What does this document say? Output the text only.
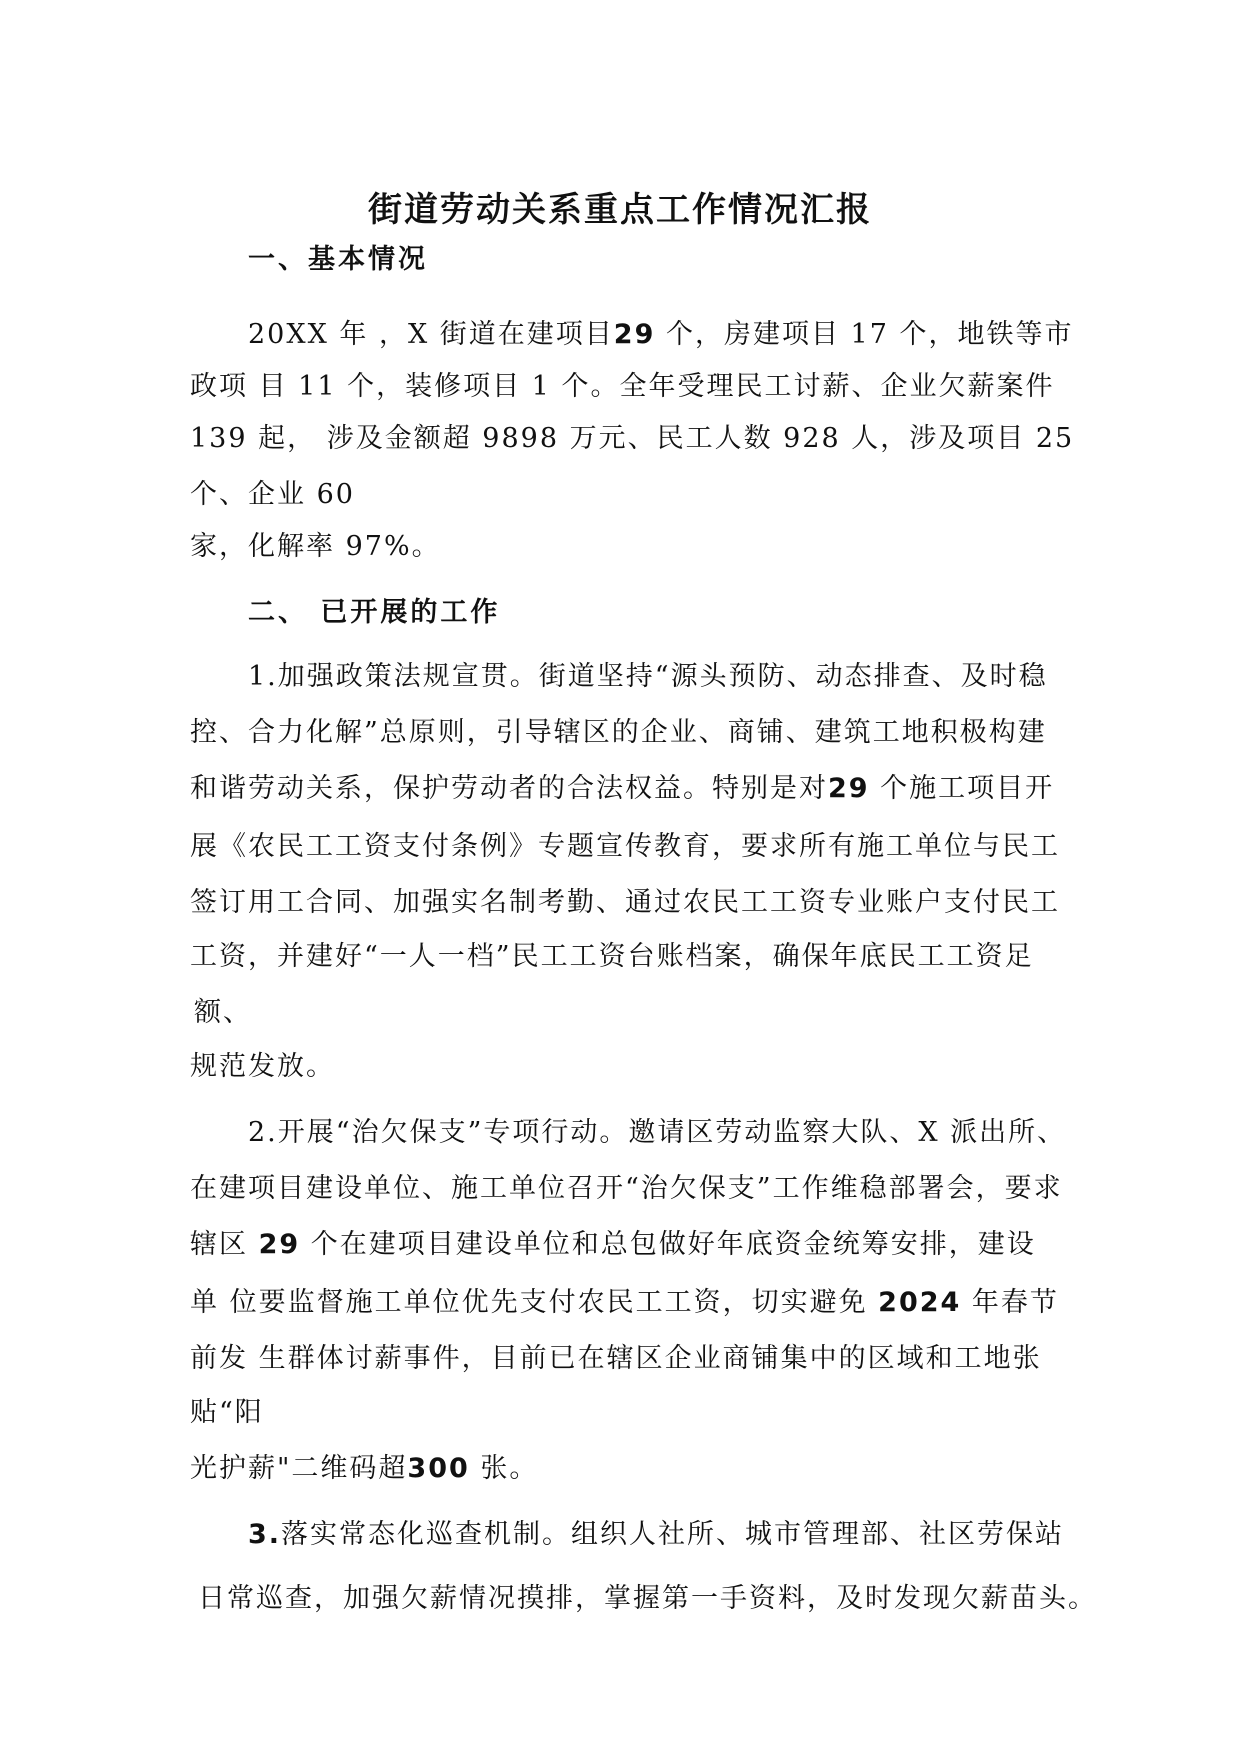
街道劳动关系重点工作情况汇报
一、基本情况
20XX 年 ，X 街道在建项目29 个，房建项目 17 个，地铁等市
政项 目 11 个，装修项目 1 个。全年受理民工讨薪、企业欠薪案件
139 起， 涉及金额超 9898 万元、民工人数 928 人，涉及项目 25
个、企业 60
家，化解率 97%。
二、 已开展的工作
1.加强政策法规宣贯。街道坚持“源头预防、动态排查、及时稳
控、合力化解”总原则，引导辖区的企业、商铺、建筑工地积极构建
和谐劳动关系，保护劳动者的合法权益。特别是对29 个施工项目开
展《农民工工资支付条例》专题宣传教育，要求所有施工单位与民工
签订用工合同、加强实名制考勤、通过农民工工资专业账户支付民工
工资，并建好“一人一档”民工工资台账档案，确保年底民工工资足
额、
规范发放。
2.开展“治欠保支”专项行动。邀请区劳动监察大队、X 派出所、
在建项目建设单位、施工单位召开“治欠保支”工作维稳部署会，要求
辖区 29 个在建项目建设单位和总包做好年底资金统筹安排，建设
单 位要监督施工单位优先支付农民工工资，切实避免 2024 年春节
前发 生群体讨薪事件，目前已在辖区企业商铺集中的区域和工地张
贴“阳
光护薪"二维码超300 张。
3.落实常态化巡查机制。组织人社所、城市管理部、社区劳保站
日常巡查，加强欠薪情况摸排，掌握第一手资料，及时发现欠薪苗头。
